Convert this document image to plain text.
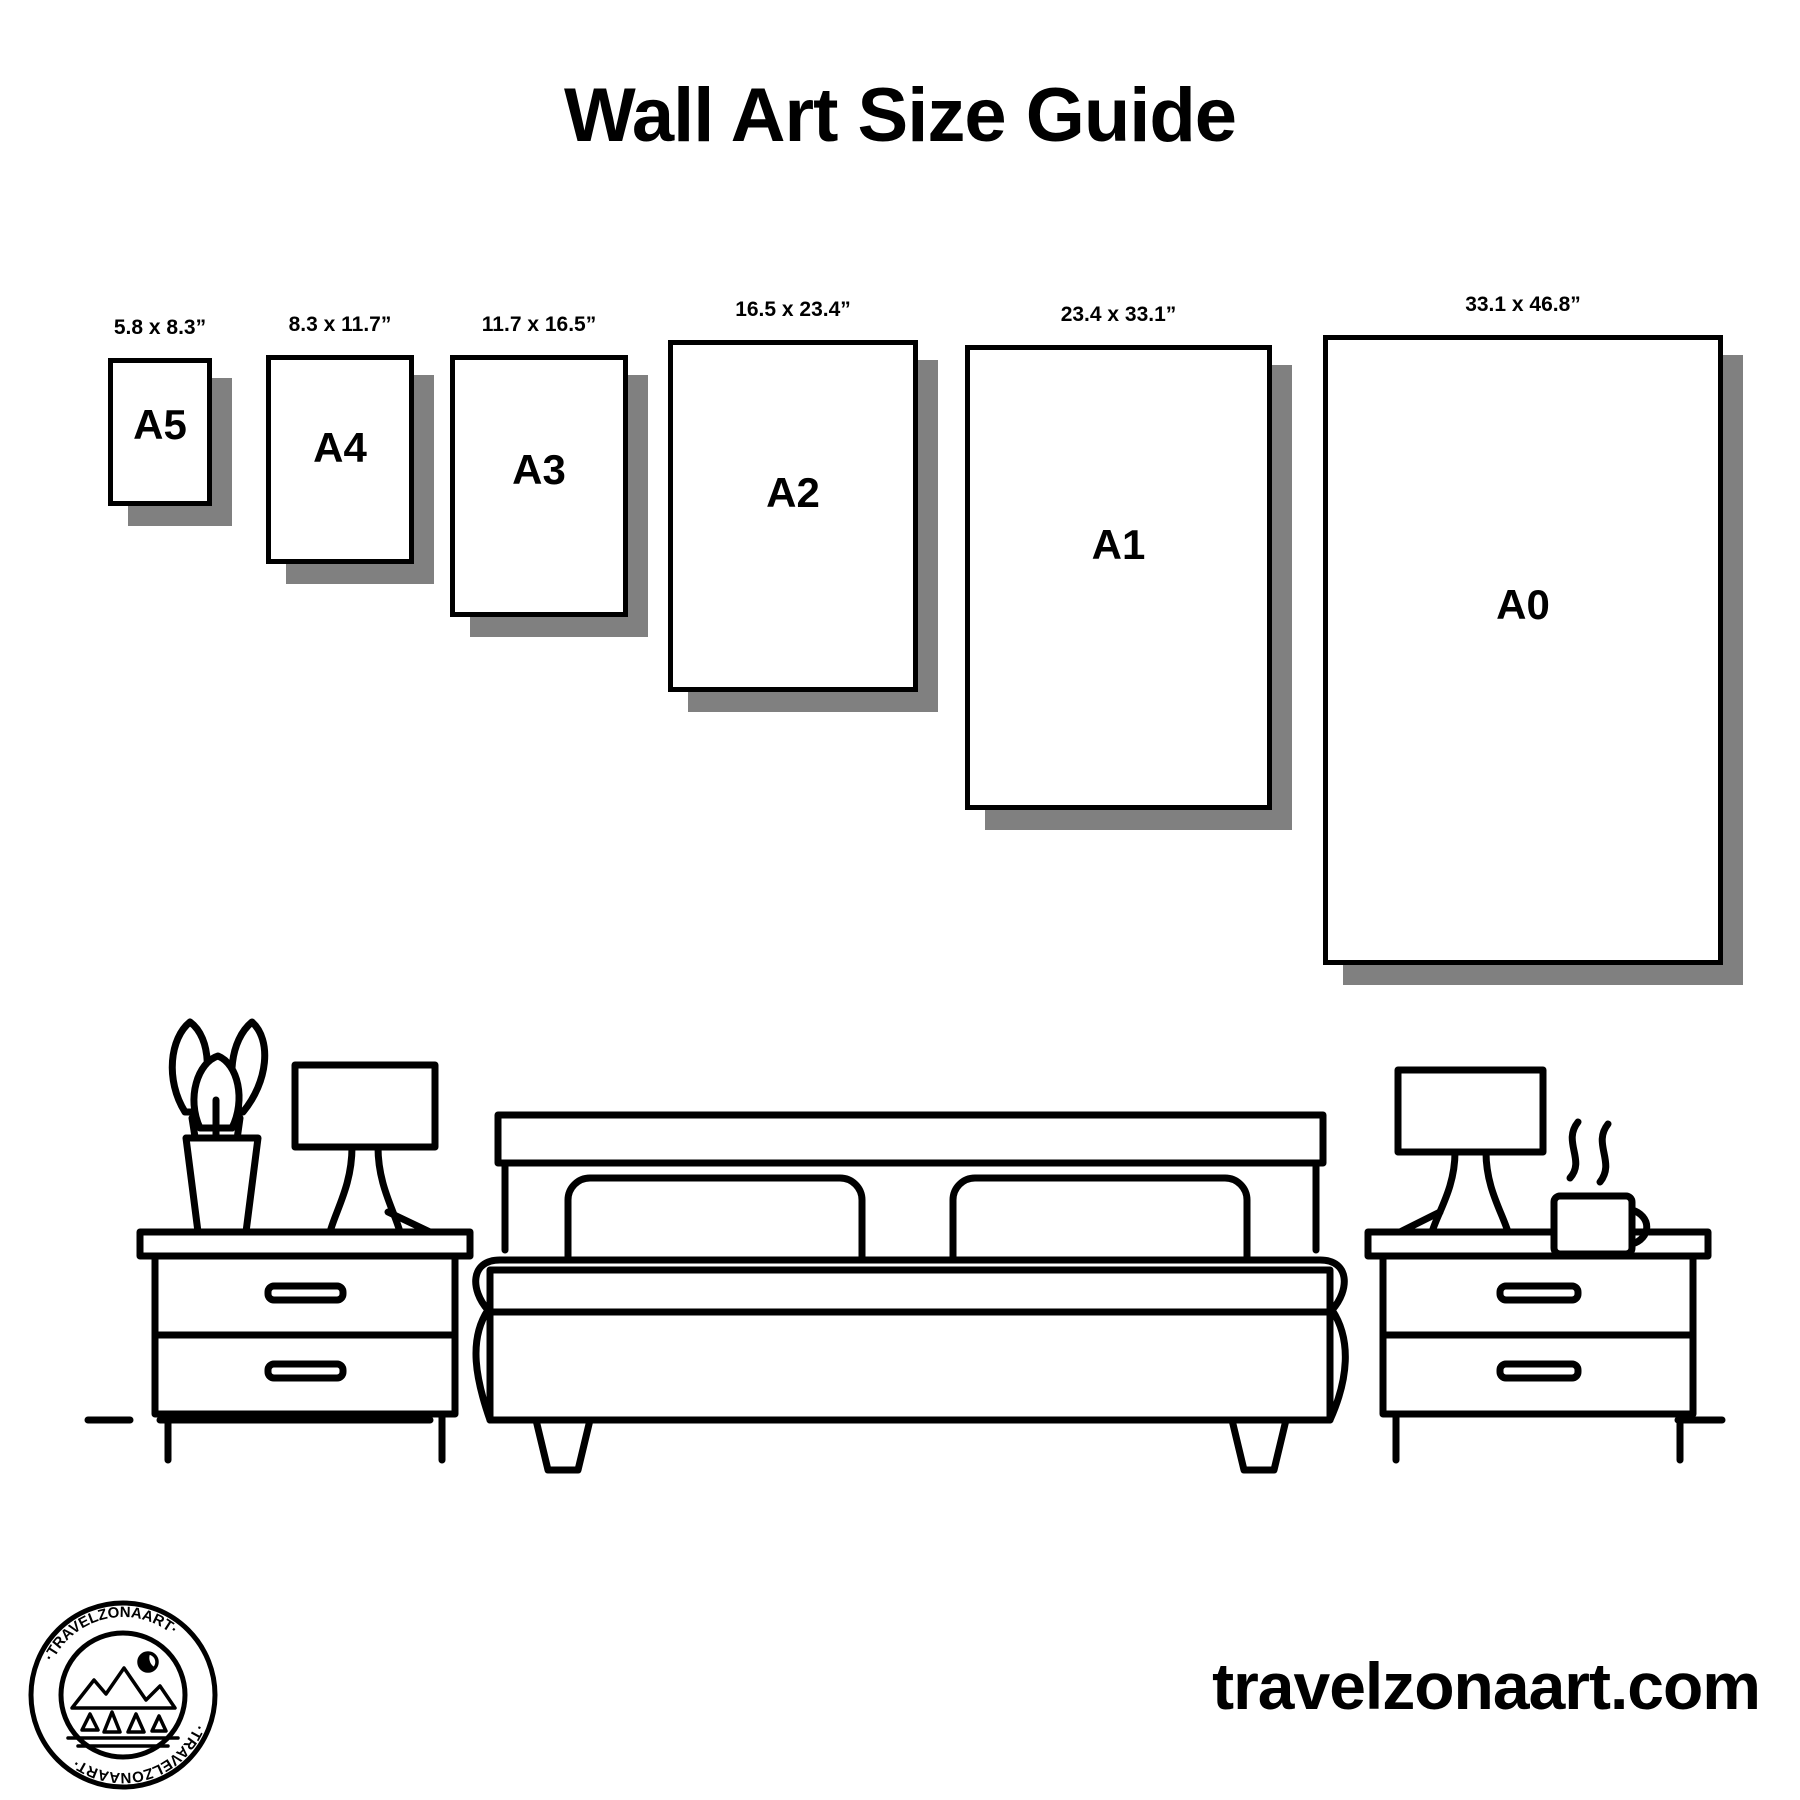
Wall Art Size Guide
5.8 x 8.3”
A5
8.3 x 11.7”
A4
11.7 x 16.5”
A3
16.5 x 23.4”
A2
23.4 x 33.1”
A1
33.1 x 46.8”
A0
·TRAVELZONAART·
·TRAVELZONAART·
travelzonaart.com
